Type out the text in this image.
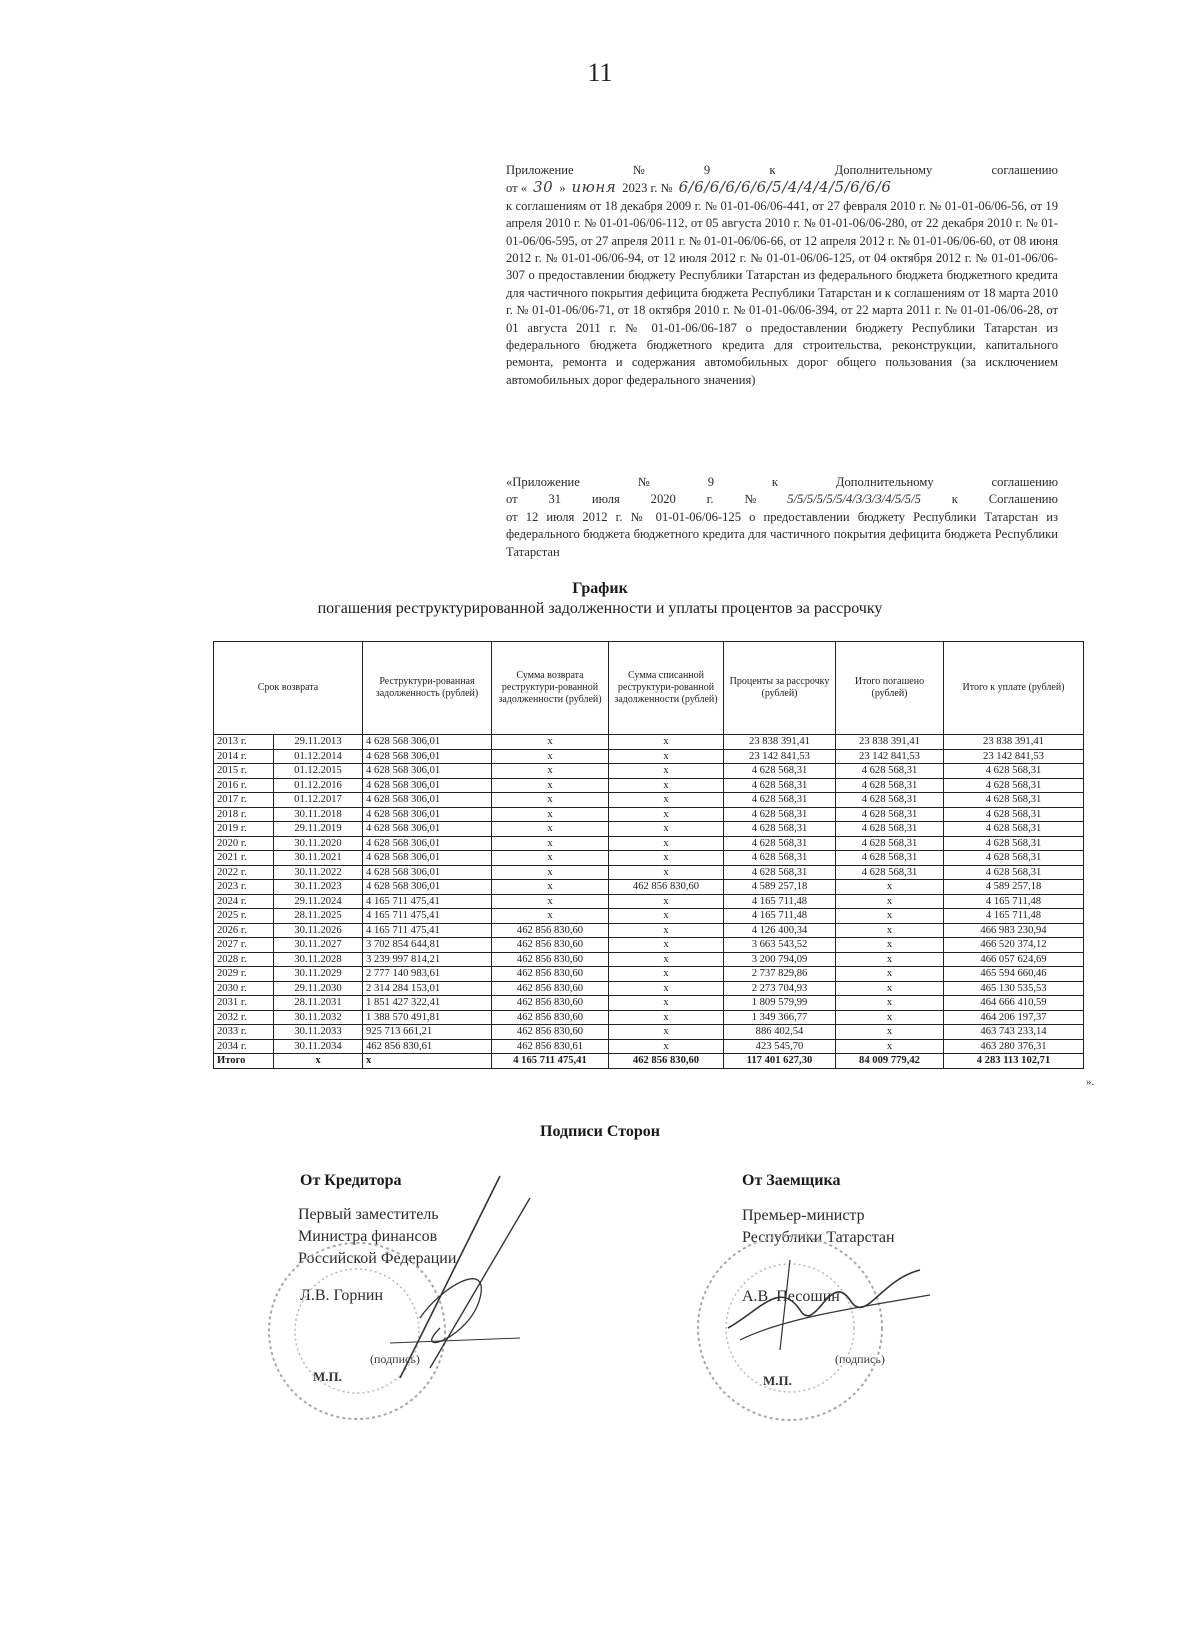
11
Приложение	№	9	к	Дополнительному	соглашению
от « 30 » июня 2023 г. № 6/6/6/6/6/6/5/4/4/4/5/6/6/6
к соглашениям от 18 декабря 2009 г. № 01-01-06/06-441, от 27 февраля 2010 г. № 01-01-06/06-56, от 19 апреля 2010 г. № 01-01-06/06-112, от 05 августа 2010 г. № 01-01-06/06-280, от 22 декабря 2010 г. № 01-01-06/06-595, от 27 апреля 2011 г. № 01-01-06/06-66, от 12 апреля 2012 г. № 01-01-06/06-60, от 08 июня 2012 г. № 01-01-06/06-94, от 12 июля 2012 г. № 01-01-06/06-125, от 04 октября 2012 г. № 01-01-06/06-307 о предоставлении бюджету Республики Татарстан из федерального бюджета бюджетного кредита для частичного покрытия дефицита бюджета Республики Татарстан и к соглашениям от 18 марта 2010 г. № 01-01-06/06-71, от 18 октября 2010 г. № 01-01-06/06-394, от 22 марта 2011 г. № 01-01-06/06-28, от 01 августа 2011 г. № 01-01-06/06-187 о предоставлении бюджету Республики Татарстан из федерального бюджета бюджетного кредита для строительства, реконструкции, капитального ремонта, ремонта и содержания автомобильных дорог общего пользования (за исключением автомобильных дорог федерального значения)
«Приложение	№	9	к	Дополнительному	соглашению
от 31 июля 2020 г. № 5/5/5/5/5/5/4/3/3/3/4/5/5/5 к Соглашению
от 12 июля 2012 г. № 01-01-06/06-125 о предоставлении бюджету Республики Татарстан из федерального бюджета бюджетного кредита для частичного покрытия дефицита бюджета Республики Татарстан
График
погашения реструктурированной задолженности и уплаты процентов за рассрочку
Срок возврата		Реструктури-рованная задолженность (рублей)	Сумма возврата реструктури-рованной задолженности (рублей)	Сумма списанной реструктури-рованной задолженности (рублей)	Проценты за рассрочку (рублей)	Итого погашено (рублей)	Итого к уплате (рублей)
2013 г.	29.11.2013	4 628 568 306,01	x	x	23 838 391,41	23 838 391,41	23 838 391,41
2014 г.	01.12.2014	4 628 568 306,01	x	x	23 142 841,53	23 142 841,53	23 142 841,53
2015 г.	01.12.2015	4 628 568 306,01	x	x	4 628 568,31	4 628 568,31	4 628 568,31
2016 г.	01.12.2016	4 628 568 306,01	x	x	4 628 568,31	4 628 568,31	4 628 568,31
2017 г.	01.12.2017	4 628 568 306,01	x	x	4 628 568,31	4 628 568,31	4 628 568,31
2018 г.	30.11.2018	4 628 568 306,01	x	x	4 628 568,31	4 628 568,31	4 628 568,31
2019 г.	29.11.2019	4 628 568 306,01	x	x	4 628 568,31	4 628 568,31	4 628 568,31
2020 г.	30.11.2020	4 628 568 306,01	x	x	4 628 568,31	4 628 568,31	4 628 568,31
2021 г.	30.11.2021	4 628 568 306,01	x	x	4 628 568,31	4 628 568,31	4 628 568,31
2022 г.	30.11.2022	4 628 568 306,01	x	x	4 628 568,31	4 628 568,31	4 628 568,31
2023 г.	30.11.2023	4 628 568 306,01	x	462 856 830,60	4 589 257,18	x	4 589 257,18
2024 г.	29.11.2024	4 165 711 475,41	x	x	4 165 711,48	x	4 165 711,48
2025 г.	28.11.2025	4 165 711 475,41	x	x	4 165 711,48	x	4 165 711,48
2026 г.	30.11.2026	4 165 711 475,41	462 856 830,60	x	4 126 400,34	x	466 983 230,94
2027 г.	30.11.2027	3 702 854 644,81	462 856 830,60	x	3 663 543,52	x	466 520 374,12
2028 г.	30.11.2028	3 239 997 814,21	462 856 830,60	x	3 200 794,09	x	466 057 624,69
2029 г.	30.11.2029	2 777 140 983,61	462 856 830,60	x	2 737 829,86	x	465 594 660,46
2030 г.	29.11.2030	2 314 284 153,01	462 856 830,60	x	2 273 704,93	x	465 130 535,53
2031 г.	28.11.2031	1 851 427 322,41	462 856 830,60	x	1 809 579,99	x	464 666 410,59
2032 г.	30.11.2032	1 388 570 491,81	462 856 830,60	x	1 349 366,77	x	464 206 197,37
2033 г.	30.11.2033	925 713 661,21	462 856 830,60	x	886 402,54	x	463 743 233,14
2034 г.	30.11.2034	462 856 830,61	462 856 830,61	x	423 545,70	x	463 280 376,31
Итого	x	x	4 165 711 475,41	462 856 830,60	117 401 627,30	84 009 779,42	4 283 113 102,71
».
Подписи Сторон
От Кредитора
Первый заместитель
Министра финансов
Российской Федерации
Л.В. Горнин
(подпись)
М.П.
От Заемщика
Премьер-министр
Республики Татарстан
А.В. Песошин
(подпись)
М.П.
